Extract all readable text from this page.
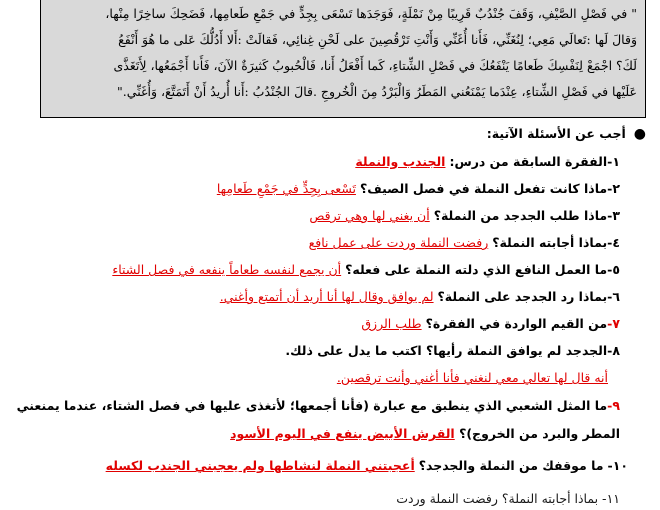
" في فَصْلِ الصَّيْفِ، وَقَفَ جُنْدُبٌ قَرِيبًا مِنْ نَمْلَةٍ، فَوَجَدَها تَسْعَى بِجِدٍّ في جَمْعِ طَعامِها، فَضَحِكَ ساخِرًا مِنْها،
وَقالَ لَها :تَعالَي مَعِي؛ لِنُغَنِّي، فَأَنا أُغَنِّي وَأَنْتِ تَرْقُصِينَ على لَحْنِ غِنائِي، فَقالَتْ :أَلا أَدُلُّكَ عَلى ما هُوَ أَنْفَعُ
لَكَ؟ اجْمَعْ لِنَفْسِكَ طَعامًا يَنْفَعُكَ في فَصْلِ الشِّتاءِ، كَما أَفْعَلُ أَنا، فَالْحُبوبُ كَثيرَةٌ الآنَ، فَأَنا أَجْمَعُها، لِأَتَغَذَّى
عَلَيْها في فَصْلِ الشِّتاءِ، عِنْدَما يَمْنَعُني المَطَرُ وَالْبَرْدُ مِنَ الْخُروجِ .قالَ الجُنْدُبُ :أَنا أُريدُ أَنْ أَتَمَتَّعَ، وَأُغَنِّي."
●
أجب عن الأسئلة الآتية:
١-الفقرة السابقة من درس: الجندب والنملة
٢-ماذا كانت تفعل النملة في فصل الصيف؟ تَسْعى بِجِدٍّ في جَمْعِ طَعامِها
٣-ماذا طلب الجدجد من النملة؟ أن يغني لها وهي ترقص
٤-بماذا أجابته النملة؟ رفضت النملة وردت على عمل نافع
٥-ما العمل النافع الذي دلته النملة على فعله؟ أن يجمع لنفسه طعاماً ينفعه في فصل الشتاء
٦-بماذا رد الجدجد على النملة؟ لم يوافق وقال لها أنا أريد أن أتمتع وأغني.
٧-من القيم الواردة في الفقرة؟ طلب الرزق
٨-الجدجد لم يوافق النملة رأيها؟ اكتب ما يدل على ذلك.
أنه قال لها تعالي معي لنغني فأنا أغني وأنت ترقصين.
٩-ما المثل الشعبي الذي ينطبق مع عبارة (فأنا أجمعها؛ لأتغذى عليها في فصل الشتاء، عندما يمنعني
المطر والبرد من الخروج)؟ القرش الأبيض ينفع في اليوم الأسود
١٠- ما موقفك من النملة والجدجد؟ أعجبتني النملة لنشاطها ولم يعجبني الجندب لكسله
١١- بماذا أجابته النملة؟ رفضت النملة وردت
